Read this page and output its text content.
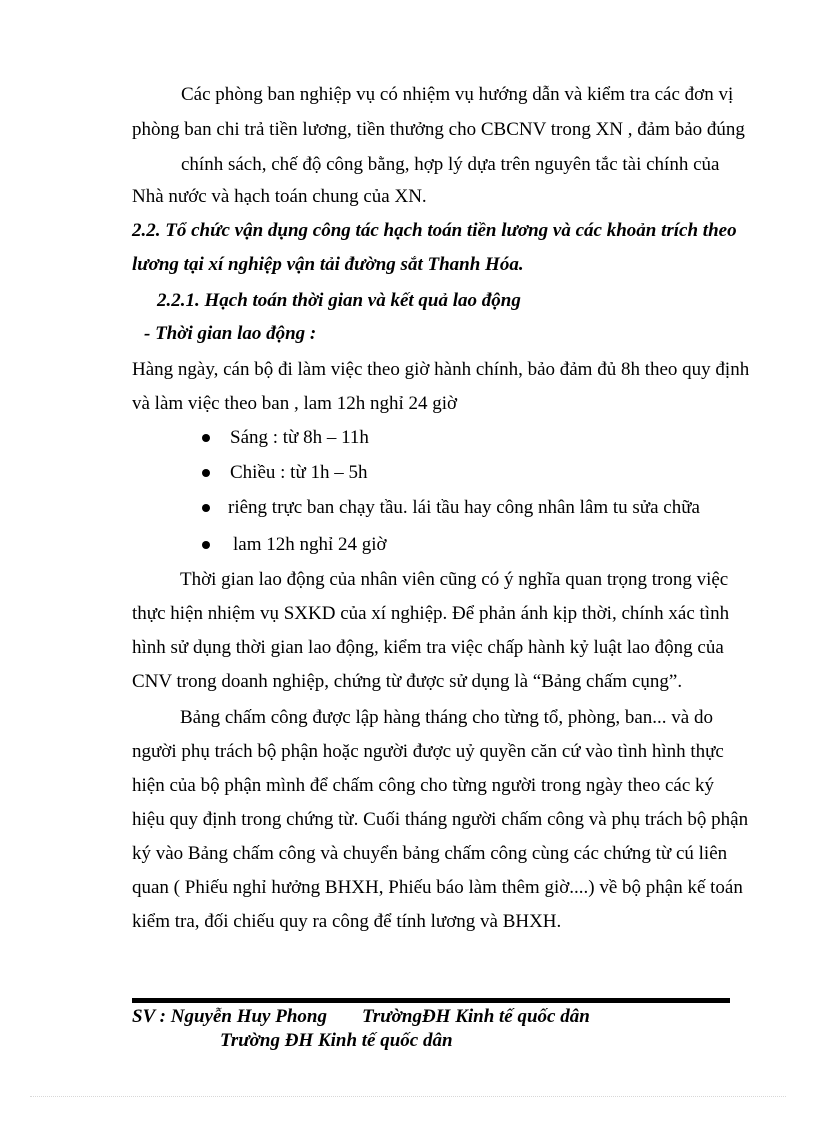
Các phòng ban nghiệp vụ có nhiệm vụ hướng dẫn và kiểm tra các đơn vị
phòng ban chi trả tiền lương, tiền thưởng cho CBCNV trong XN , đảm bảo đúng
chính sách, chế độ công bằng, hợp lý dựa trên nguyên tắc tài chính của
Nhà nước và hạch toán chung của XN.
2.2. Tổ chức vận dụng công tác hạch toán tiền lương và các khoản trích theo
lương tại xí nghiệp vận tải đường sắt Thanh Hóa.
2.2.1. Hạch toán thời gian và kết quả lao động
- Thời gian lao động :
Hàng ngày, cán bộ đi làm việc theo giờ hành chính, bảo đảm đủ 8h theo quy định
và làm việc theo ban , lam 12h nghỉ 24 giờ
Sáng : từ 8h – 11h
Chiều : từ 1h – 5h
riêng trực ban chạy tầu. lái tầu hay công nhân lâm tu sửa chữa
lam 12h nghỉ 24 giờ
Thời gian lao động của nhân viên cũng có ý nghĩa quan trọng trong việc
thực hiện nhiệm vụ SXKD của xí nghiệp. Để phản ánh kịp thời, chính xác tình
hình sử dụng thời gian lao động, kiểm tra việc chấp hành kỷ luật lao động của
CNV trong doanh nghiệp, chứng từ được sử dụng là “Bảng chấm cụng”.
Bảng chấm công được lập hàng tháng cho từng tổ, phòng, ban... và do
người phụ trách bộ phận hoặc người được uỷ quyền căn cứ vào tình hình thực
hiện của bộ phận mình để chấm công cho từng người trong ngày theo các ký
hiệu quy định trong chứng từ. Cuối tháng người chấm công và phụ trách bộ phận
ký vào Bảng chấm công và chuyển bảng chấm công cùng các chứng từ cú liên
quan ( Phiếu nghỉ hưởng BHXH, Phiếu báo làm thêm giờ....) về bộ phận kế toán
kiểm tra, đối chiếu quy ra công để tính lương và BHXH.
SV : Nguyễn Huy Phong TrườngĐH Kinh tế quốc dân
Trường ĐH Kinh tế quốc dân
